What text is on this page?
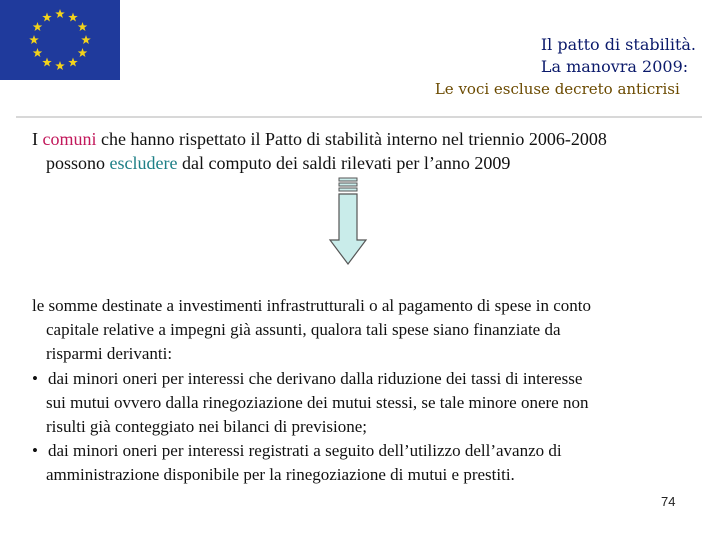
Il patto di stabilità.
La manovra 2009:
Le voci escluse decreto anticrisi
I comuni che hanno rispettato il Patto di stabilità interno nel triennio 2006-2008
possono escludere dal computo dei saldi rilevati per l’anno 2009
le somme destinate a investimenti infrastrutturali o al pagamento di spese in conto
capitale relative a impegni già assunti, qualora tali spese siano finanziate da
risparmi derivanti:
• dai minori oneri per interessi che derivano dalla riduzione dei tassi di interesse
sui mutui ovvero dalla rinegoziazione dei mutui stessi, se tale minore onere non
risulti già conteggiato nei bilanci di previsione;
• dai minori oneri per interessi registrati a seguito dell’utilizzo dell’avanzo di
amministrazione disponibile per la rinegoziazione di mutui e prestiti.
74
